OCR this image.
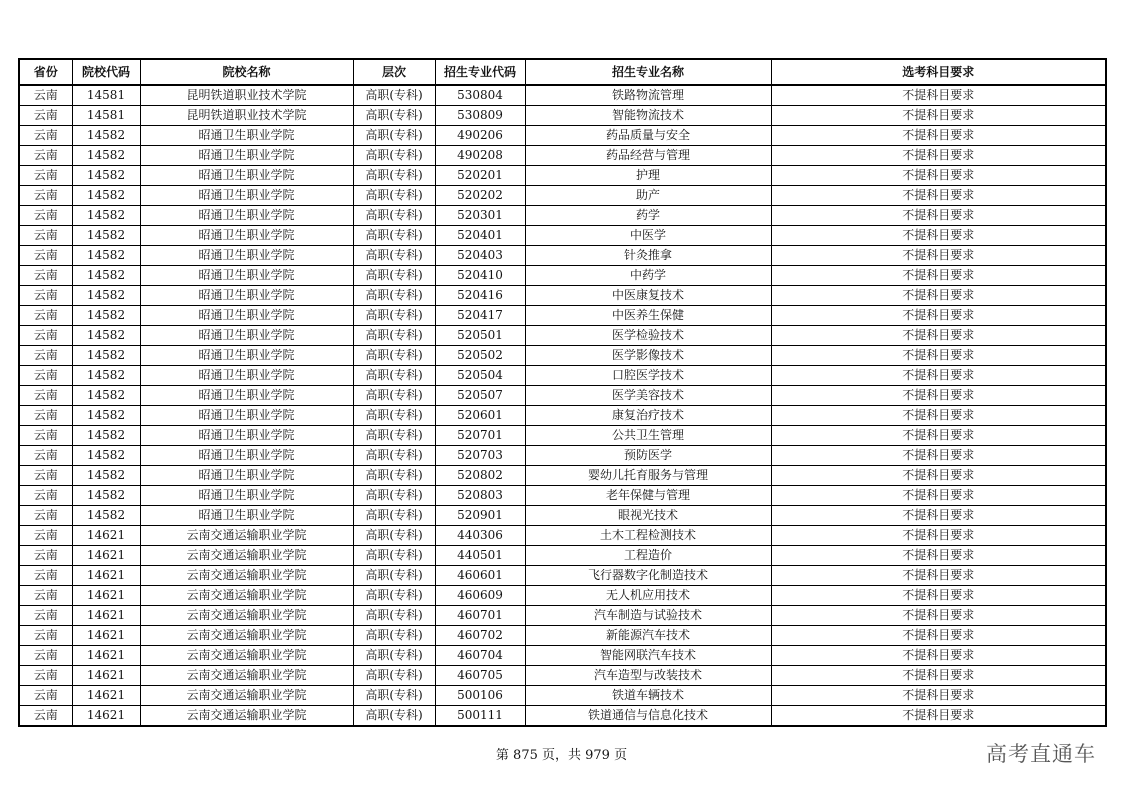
省份	院校代码	院校名称	层次	招生专业代码	招生专业名称	选考科目要求
云南	14581	昆明铁道职业技术学院	高职(专科)	530804	铁路物流管理	不提科目要求
云南	14581	昆明铁道职业技术学院	高职(专科)	530809	智能物流技术	不提科目要求
云南	14582	昭通卫生职业学院	高职(专科)	490206	药品质量与安全	不提科目要求
云南	14582	昭通卫生职业学院	高职(专科)	490208	药品经营与管理	不提科目要求
云南	14582	昭通卫生职业学院	高职(专科)	520201	护理	不提科目要求
云南	14582	昭通卫生职业学院	高职(专科)	520202	助产	不提科目要求
云南	14582	昭通卫生职业学院	高职(专科)	520301	药学	不提科目要求
云南	14582	昭通卫生职业学院	高职(专科)	520401	中医学	不提科目要求
云南	14582	昭通卫生职业学院	高职(专科)	520403	针灸推拿	不提科目要求
云南	14582	昭通卫生职业学院	高职(专科)	520410	中药学	不提科目要求
云南	14582	昭通卫生职业学院	高职(专科)	520416	中医康复技术	不提科目要求
云南	14582	昭通卫生职业学院	高职(专科)	520417	中医养生保健	不提科目要求
云南	14582	昭通卫生职业学院	高职(专科)	520501	医学检验技术	不提科目要求
云南	14582	昭通卫生职业学院	高职(专科)	520502	医学影像技术	不提科目要求
云南	14582	昭通卫生职业学院	高职(专科)	520504	口腔医学技术	不提科目要求
云南	14582	昭通卫生职业学院	高职(专科)	520507	医学美容技术	不提科目要求
云南	14582	昭通卫生职业学院	高职(专科)	520601	康复治疗技术	不提科目要求
云南	14582	昭通卫生职业学院	高职(专科)	520701	公共卫生管理	不提科目要求
云南	14582	昭通卫生职业学院	高职(专科)	520703	预防医学	不提科目要求
云南	14582	昭通卫生职业学院	高职(专科)	520802	婴幼儿托育服务与管理	不提科目要求
云南	14582	昭通卫生职业学院	高职(专科)	520803	老年保健与管理	不提科目要求
云南	14582	昭通卫生职业学院	高职(专科)	520901	眼视光技术	不提科目要求
云南	14621	云南交通运输职业学院	高职(专科)	440306	土木工程检测技术	不提科目要求
云南	14621	云南交通运输职业学院	高职(专科)	440501	工程造价	不提科目要求
云南	14621	云南交通运输职业学院	高职(专科)	460601	飞行器数字化制造技术	不提科目要求
云南	14621	云南交通运输职业学院	高职(专科)	460609	无人机应用技术	不提科目要求
云南	14621	云南交通运输职业学院	高职(专科)	460701	汽车制造与试验技术	不提科目要求
云南	14621	云南交通运输职业学院	高职(专科)	460702	新能源汽车技术	不提科目要求
云南	14621	云南交通运输职业学院	高职(专科)	460704	智能网联汽车技术	不提科目要求
云南	14621	云南交通运输职业学院	高职(专科)	460705	汽车造型与改装技术	不提科目要求
云南	14621	云南交通运输职业学院	高职(专科)	500106	铁道车辆技术	不提科目要求
云南	14621	云南交通运输职业学院	高职(专科)	500111	铁道通信与信息化技术	不提科目要求
第 875 页，共 979 页	高考直通车
